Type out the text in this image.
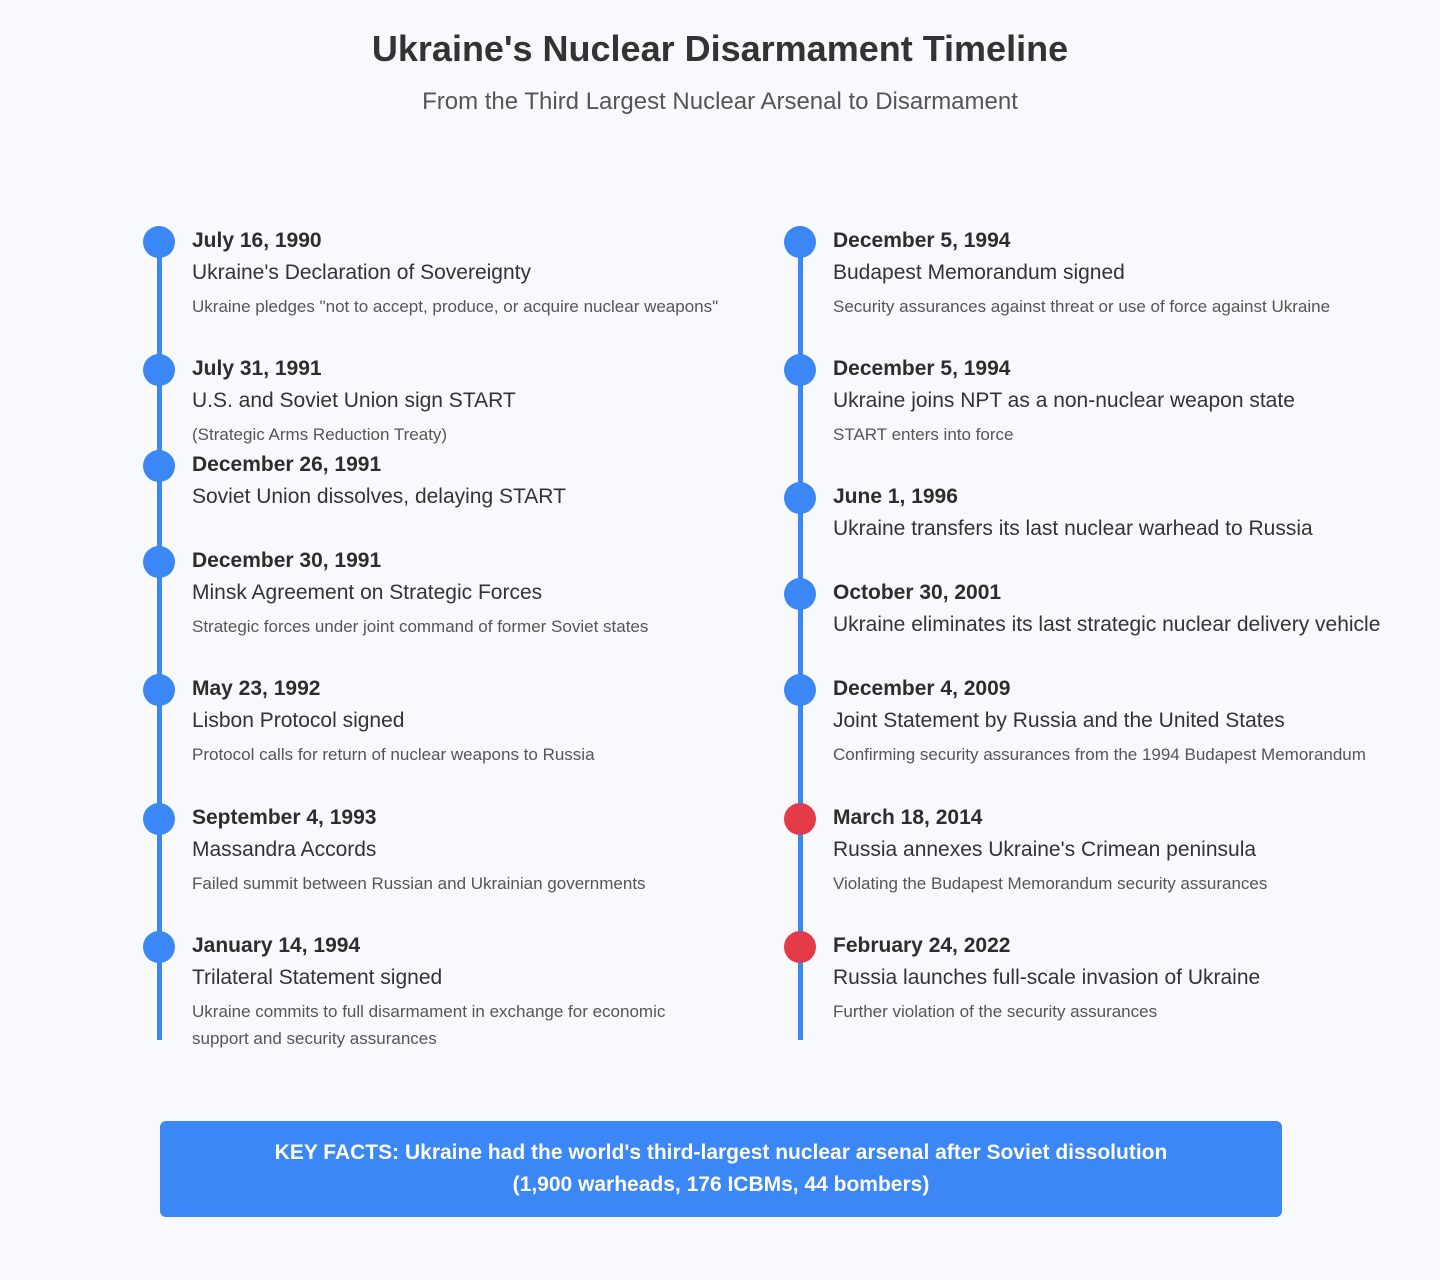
Ukraine's Nuclear Disarmament Timeline
From the Third Largest Nuclear Arsenal to Disarmament
July 16, 1990
Ukraine's Declaration of Sovereignty
Ukraine pledges "not to accept, produce, or acquire nuclear weapons"
July 31, 1991
U.S. and Soviet Union sign START
(Strategic Arms Reduction Treaty)
December 26, 1991
Soviet Union dissolves, delaying START
December 30, 1991
Minsk Agreement on Strategic Forces
Strategic forces under joint command of former Soviet states
May 23, 1992
Lisbon Protocol signed
Protocol calls for return of nuclear weapons to Russia
September 4, 1993
Massandra Accords
Failed summit between Russian and Ukrainian governments
January 14, 1994
Trilateral Statement signed
Ukraine commits to full disarmament in exchange for economic support and security assurances
December 5, 1994
Budapest Memorandum signed
Security assurances against threat or use of force against Ukraine
December 5, 1994
Ukraine joins NPT as a non-nuclear weapon state
START enters into force
June 1, 1996
Ukraine transfers its last nuclear warhead to Russia
October 30, 2001
Ukraine eliminates its last strategic nuclear delivery vehicle
December 4, 2009
Joint Statement by Russia and the United States
Confirming security assurances from the 1994 Budapest Memorandum
March 18, 2014
Russia annexes Ukraine's Crimean peninsula
Violating the Budapest Memorandum security assurances
February 24, 2022
Russia launches full-scale invasion of Ukraine
Further violation of the security assurances
KEY FACTS: Ukraine had the world's third-largest nuclear arsenal after Soviet dissolution
(1,900 warheads, 176 ICBMs, 44 bombers)
